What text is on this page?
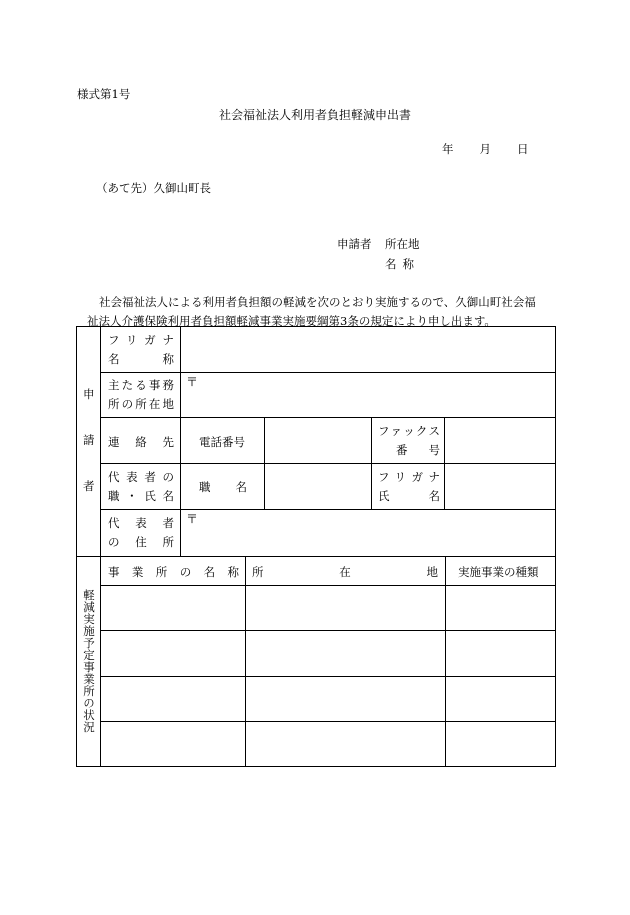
様式第1号
社会福祉法人利用者負担軽減申出書
年 月 日
（あて先）久御山町長
申請者 所在地
名称
社会福祉法人による利用者負担額の軽減を次のとおり実施するので、久御山町社会福
祉法人介護保険利用者負担額軽減事業実施要綱第3条の規定により申し出ます。
申
請
者
フリガナ
名称
主たる事務
所の所在地
〒
連絡先 電話番号
ファックス
番号
代表者の
職・氏名
職名
フリガナ
氏名
代表者
の住所
〒
軽減実施予定事業所の状況
事業所の名称 所在地 実施事業の種類
